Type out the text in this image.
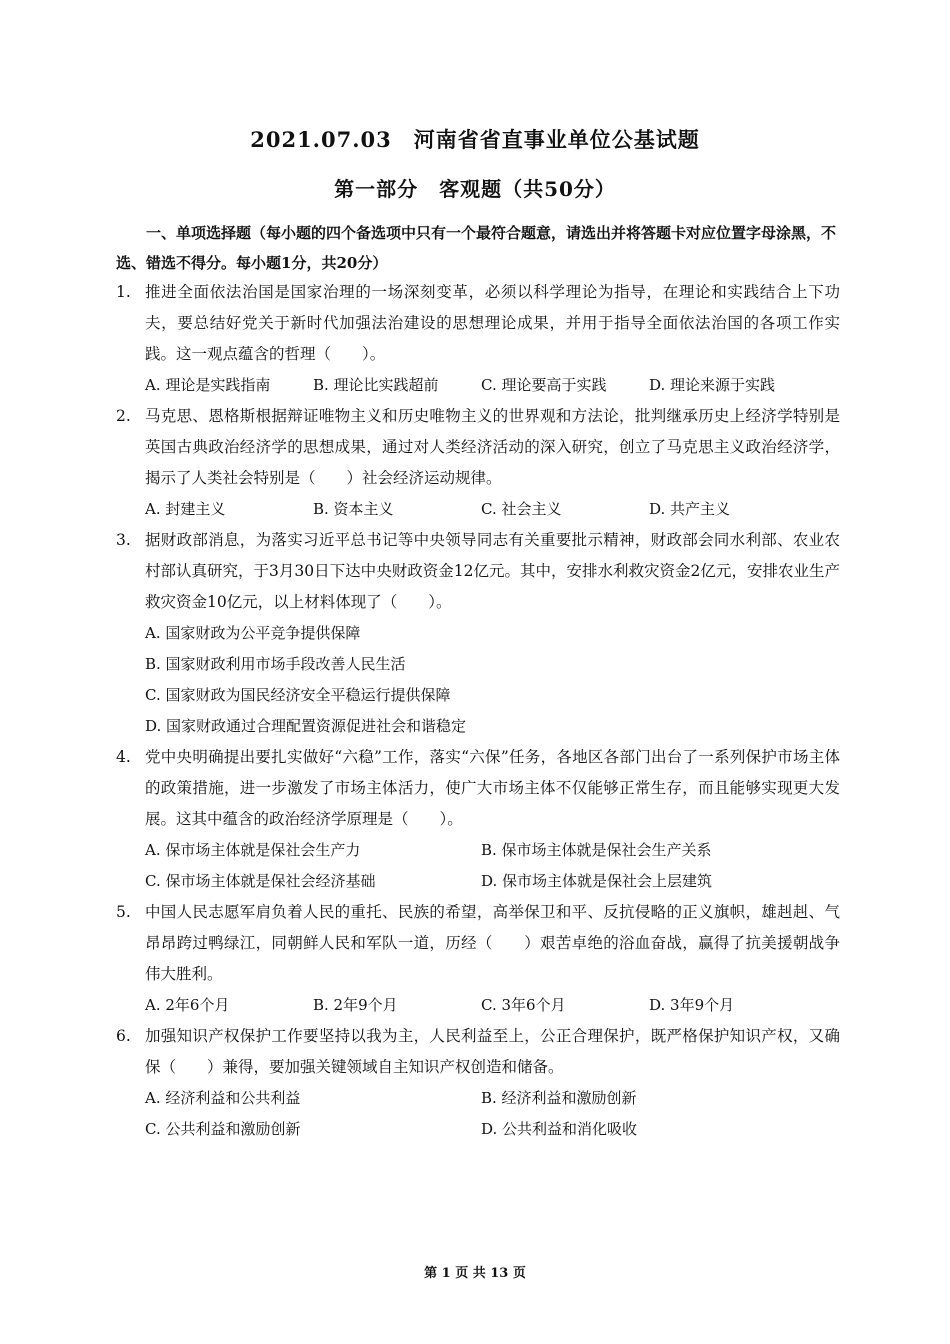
2021.07.03　河南省省直事业单位公基试题
第一部分　客观题（共50分）
一、单项选择题（每小题的四个备选项中只有一个最符合题意，请选出并将答题卡对应位置字母涂黑，不选、错选不得分。每小题1分，共20分）
1. 推进全面依法治国是国家治理的一场深刻变革，必须以科学理论为指导，在理论和实践结合上下功夫，要总结好党关于新时代加强法治建设的思想理论成果，并用于指导全面依法治国的各项工作实践。这一观点蕴含的哲理（　　）。
A. 理论是实践指南	B. 理论比实践超前	C. 理论要高于实践	D. 理论来源于实践
2. 马克思、恩格斯根据辩证唯物主义和历史唯物主义的世界观和方法论，批判继承历史上经济学特别是英国古典政治经济学的思想成果，通过对人类经济活动的深入研究，创立了马克思主义政治经济学，揭示了人类社会特别是（　　）社会经济运动规律。
A. 封建主义	B. 资本主义	C. 社会主义	D. 共产主义
3. 据财政部消息，为落实习近平总书记等中央领导同志有关重要批示精神，财政部会同水利部、农业农村部认真研究，于3月30日下达中央财政资金12亿元。其中，安排水利救灾资金2亿元，安排农业生产救灾资金10亿元，以上材料体现了（　　）。
A. 国家财政为公平竞争提供保障
B. 国家财政利用市场手段改善人民生活
C. 国家财政为国民经济安全平稳运行提供保障
D. 国家财政通过合理配置资源促进社会和谐稳定
4. 党中央明确提出要扎实做好“六稳”工作，落实“六保”任务，各地区各部门出台了一系列保护市场主体的政策措施，进一步激发了市场主体活力，使广大市场主体不仅能够正常生存，而且能够实现更大发展。这其中蕴含的政治经济学原理是（　　）。
A. 保市场主体就是保社会生产力	B. 保市场主体就是保社会生产关系
C. 保市场主体就是保社会经济基础	D. 保市场主体就是保社会上层建筑
5. 中国人民志愿军肩负着人民的重托、民族的希望，高举保卫和平、反抗侵略的正义旗帜，雄赳赳、气昂昂跨过鸭绿江，同朝鲜人民和军队一道，历经（　　）艰苦卓绝的浴血奋战，赢得了抗美援朝战争伟大胜利。
A. 2年6个月	B. 2年9个月	C. 3年6个月	D. 3年9个月
6. 加强知识产权保护工作要坚持以我为主，人民利益至上，公正合理保护，既严格保护知识产权，又确保（　　）兼得，要加强关键领域自主知识产权创造和储备。
A. 经济利益和公共利益	B. 经济利益和激励创新
C. 公共利益和激励创新	D. 公共利益和消化吸收
第 1 页 共 13 页
